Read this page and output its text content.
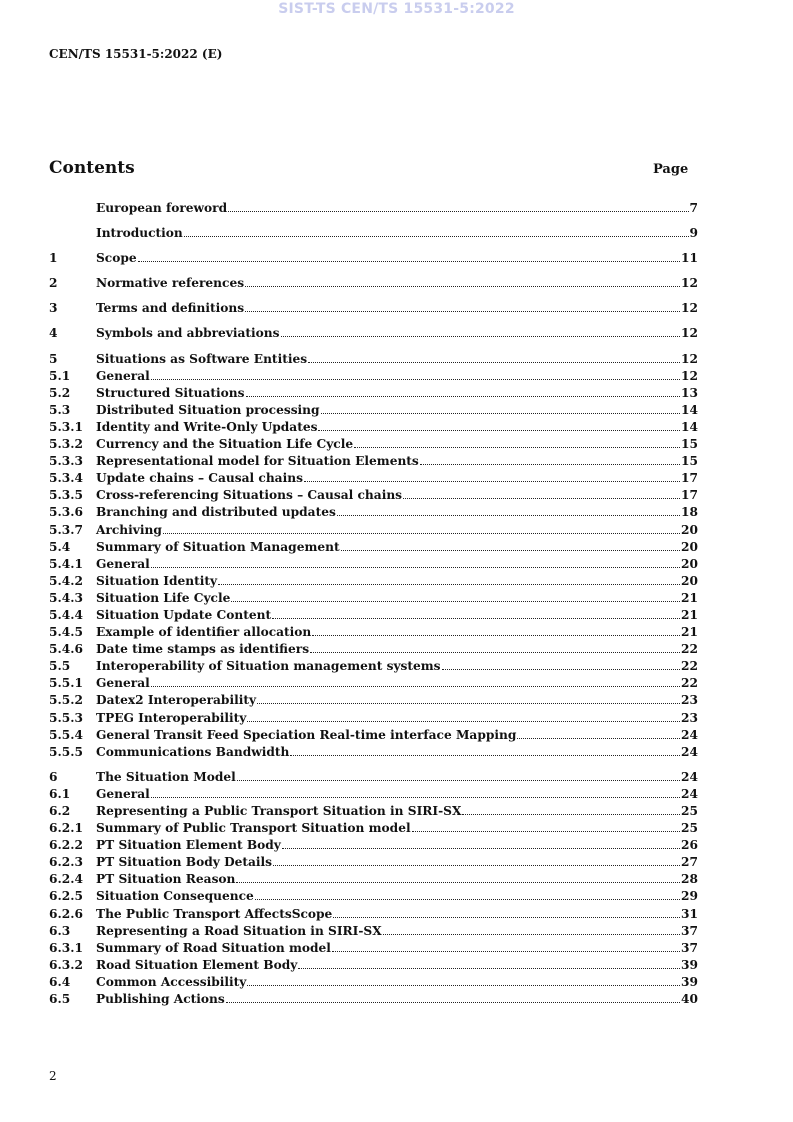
SIST-TS CEN/TS 15531-5:2022
CEN/TS 15531-5:2022 (E)
Contents	Page
European foreword	7
Introduction	9
1	Scope	11
2	Normative references	12
3	Terms and definitions	12
4	Symbols and abbreviations	12
5	Situations as Software Entities	12
5.1	General	12
5.2	Structured Situations	13
5.3	Distributed Situation processing	14
5.3.1	Identity and Write-Only Updates	14
5.3.2	Currency and the Situation Life Cycle	15
5.3.3	Representational model for Situation Elements	15
5.3.4	Update chains – Causal chains	17
5.3.5	Cross-referencing Situations – Causal chains	17
5.3.6	Branching and distributed updates	18
5.3.7	Archiving	20
5.4	Summary of Situation Management	20
5.4.1	General	20
5.4.2	Situation Identity	20
5.4.3	Situation Life Cycle	21
5.4.4	Situation Update Content	21
5.4.5	Example of identifier allocation	21
5.4.6	Date time stamps as identifiers	22
5.5	Interoperability of Situation management systems	22
5.5.1	General	22
5.5.2	Datex2 Interoperability	23
5.5.3	TPEG Interoperability	23
5.5.4	General Transit Feed Speciation Real-time interface Mapping	24
5.5.5	Communications Bandwidth	24
6	The Situation Model	24
6.1	General	24
6.2	Representing a Public Transport Situation in SIRI-SX	25
6.2.1	Summary of Public Transport Situation model	25
6.2.2	PT Situation Element Body	26
6.2.3	PT Situation Body Details	27
6.2.4	PT Situation Reason	28
6.2.5	Situation Consequence	29
6.2.6	The Public Transport AffectsScope	31
6.3	Representing a Road Situation in SIRI-SX	37
6.3.1	Summary of Road Situation model	37
6.3.2	Road Situation Element Body	39
6.4	Common Accessibility	39
6.5	Publishing Actions	40
2
